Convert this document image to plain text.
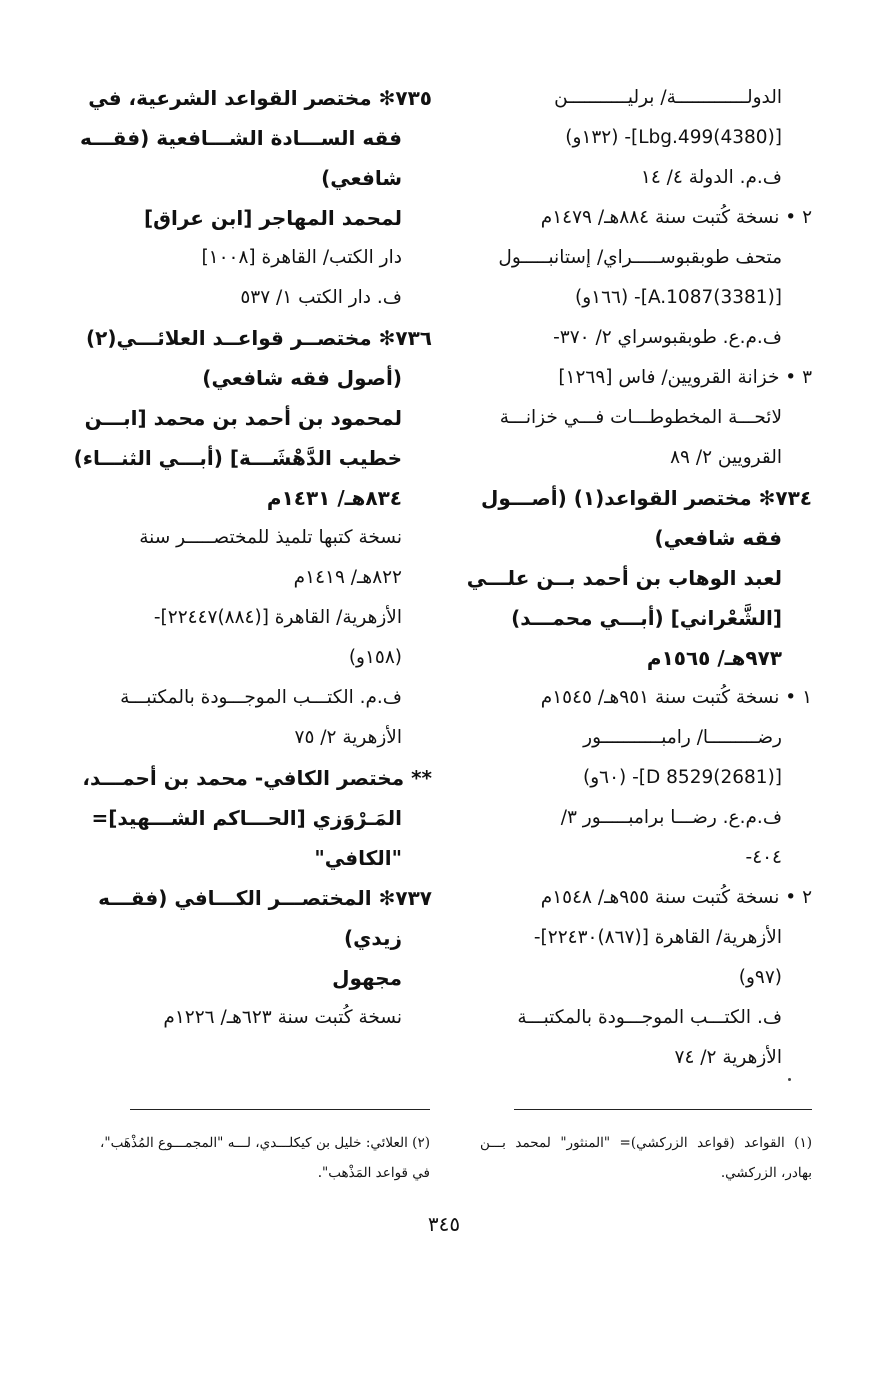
الدولـــــــــــــة/ برليـــــــــــن
[(4380)Lbg.499]- (١٣٢و)
ف.م. الدولة ٤/ ١٤
٢ • نسخة كُتبت سنة ٨٨٤هـ/ ١٤٧٩م
متحف طوبقبوســـــراي/ إستانبـــــول
[(3381)A.1087]- (١٦٦و)
ف.م.ع. طوبقبوسراي ٢/ ٣٧٠-
٣ • خزانة القرويين/ فاس [١٢٦٩]
لائحـــة المخطوطـــات فـــي خزانـــة
القرويين ٢/ ٨٩
٧٣٤✻ مختصر القواعد(١) (أصـــول
فقه شافعي)
لعبد الوهاب بن أحمد بــن علـــي
[الشَّعْراني] (أبـــي محمـــد)
٩٧٣هـ/ ١٥٦٥م
١ • نسخة كُتبت سنة ٩٥١هـ/ ١٥٤٥م
رضـــــــــا/ رامبـــــــــــور
[(2681)8529 D]- (٦٠و)
ف.م.ع. رضـــا برامبـــــور ٣/
٤٠٤-
٢ • نسخة كُتبت سنة ٩٥٥هـ/ ١٥٤٨م
الأزهرية/ القاهرة [(٨٦٧)٢٢٤٣٠]-
(٩٧و)
ف. الكتـــب الموجـــودة بالمكتبـــة
الأزهرية ٢/ ٧٤
٧٣٥✻ مختصر القواعد الشرعية، في
فقه الســـادة الشـــافعية (فقـــه
شافعي)
لمحمد المهاجر [ابن عراق]
دار الكتب/ القاهرة [١٠٠٨]
ف. دار الكتب ١/ ٥٣٧
٧٣٦✻ مختصــر قواعــد العلائـــي(٢)
(أصول فقه شافعي)
لمحمود بن أحمد بن محمد [ابـــن
خطيب الدَّهْشَـــة] (أبـــي الثنـــاء)
٨٣٤هـ/ ١٤٣١م
نسخة كتبها تلميذ للمختصـــــر سنة
٨٢٢هـ/ ١٤١٩م
الأزهرية/ القاهرة [(٨٨٤)٢٢٤٤٧]-
(١٥٨و)
ف.م. الكتـــب الموجـــودة بالمكتبـــة
الأزهرية ٢/ ٧٥
** مختصر الكافي- محمد بن أحمـــد،
المَـرْوَزي [الحـــاكم الشـــهيد]=
"الكافي"
٧٣٧✻ المختصـــر الكـــافي (فقـــه
زيدي)
مجهول
نسخة كُتبت سنة ٦٢٣هـ/ ١٢٢٦م
(١) القواعد (قواعد الزركشي)= "المنثور" لمحمد بـــن بهادر، الزركشي.
(٢) العلائي: خليل بن كيكلـــدي، لـــه "المجمـــوع المُذْهَب"، في قواعد المَذْهب".
٣٤٥
